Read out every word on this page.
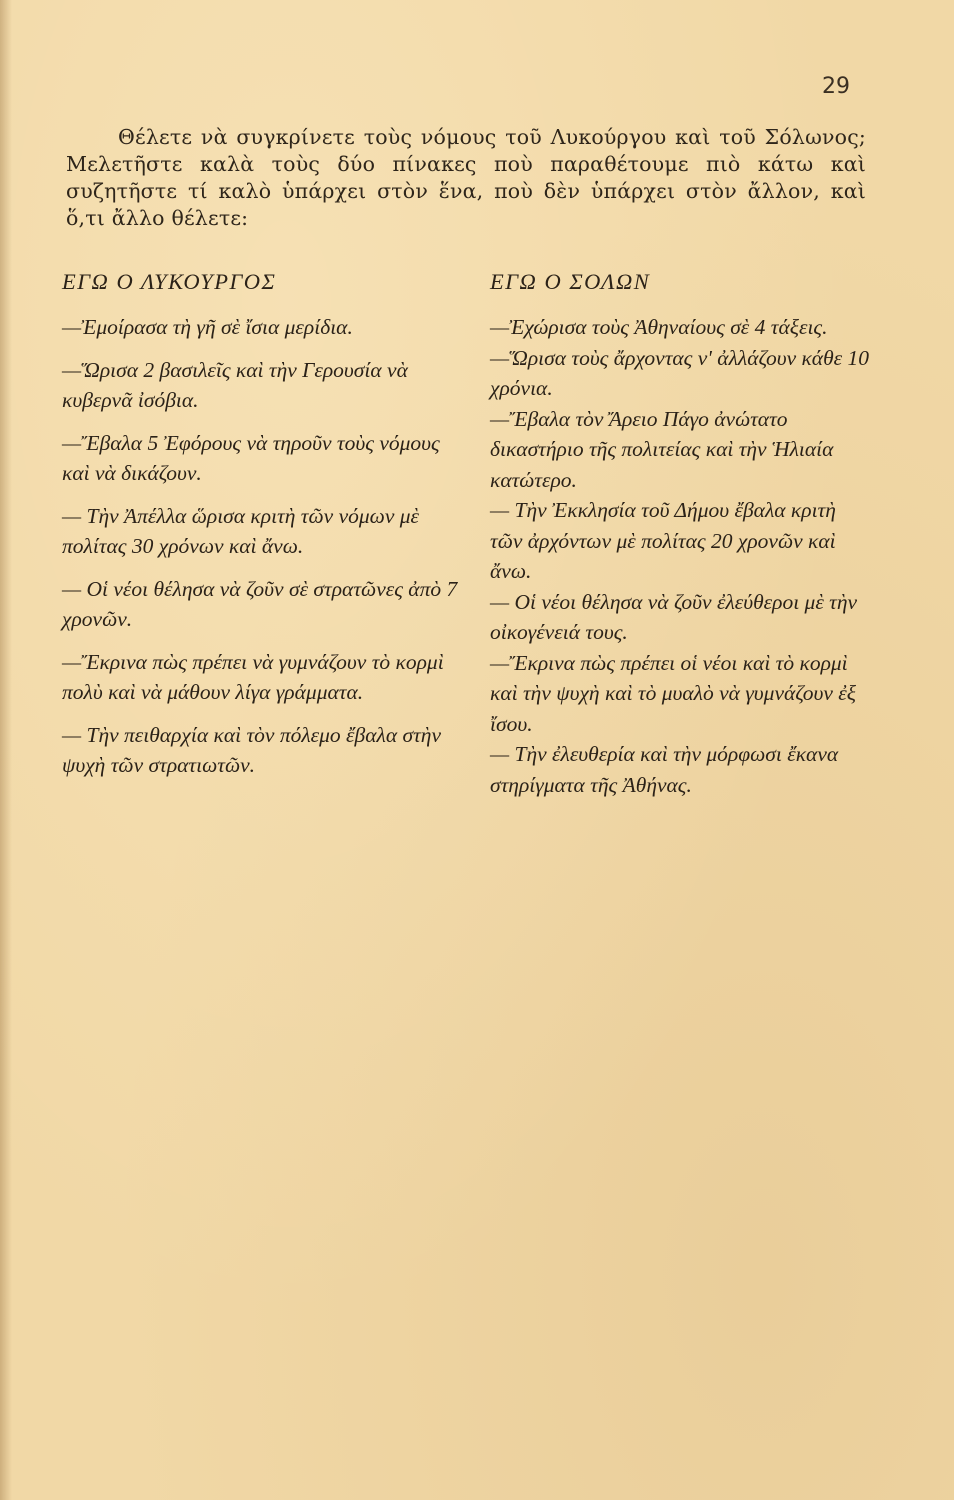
29

Θέλετε νὰ συγκρίνετε τοὺς νόμους τοῦ Λυκούργου καὶ τοῦ Σόλωνος; Μελετῆστε καλὰ τοὺς δύο πίνακες ποὺ παραθέτουμε πιὸ κάτω καὶ συζητῆστε τί καλὸ ὑπάρχει στὸν ἕνα, ποὺ δὲν ὑπάρχει στὸν ἄλλον, καὶ ὅ,τι ἄλλο θέλετε:

ΕΓΩ Ο ΛΥΚΟΥΡΓΟΣ

—Ἐμοίρασα τὴ γῆ σὲ ἴσια μερίδια.

—Ὥρισα 2 βασιλεῖς καὶ τὴν Γερουσία νὰ κυβερνᾶ ἰσόβια.

—Ἔβαλα 5 Ἐφόρους νὰ τηροῦν τοὺς νόμους καὶ νὰ δικάζουν.

— Τὴν Ἀπέλλα ὥρισα κριτὴ τῶν νόμων μὲ πολίτας 30 χρόνων καὶ ἄνω.

— Οἱ νέοι θέλησα νὰ ζοῦν σὲ στρατῶνες ἀπὸ 7 χρονῶν.

—Ἔκρινα πὼς πρέπει νὰ γυμνάζουν τὸ κορμὶ πολὺ καὶ νὰ μάθουν λίγα γράμματα.

— Τὴν πειθαρχία καὶ τὸν πόλεμο ἔβαλα στὴν ψυχὴ τῶν στρατιωτῶν.

ΕΓΩ Ο ΣΟΛΩΝ

—Ἐχώρισα τοὺς Ἀθηναίους σὲ 4 τάξεις.

—Ὥρισα τοὺς ἄρχοντας ν' ἀλλάζουν κάθε 10 χρόνια.

—Ἔβαλα τὸν Ἄρειο Πάγο ἀνώτατο δικαστήριο τῆς πολιτείας καὶ τὴν Ἡλιαία κατώτερο.

— Τὴν Ἐκκλησία τοῦ Δήμου ἔβαλα κριτὴ τῶν ἀρχόντων μὲ πολίτας 20 χρονῶν καὶ ἄνω.

— Οἱ νέοι θέλησα νὰ ζοῦν ἐλεύθεροι μὲ τὴν οἰκογένειά τους.

—Ἔκρινα πὼς πρέπει οἱ νέοι καὶ τὸ κορμὶ καὶ τὴν ψυχὴ καὶ τὸ μυαλὸ νὰ γυμνάζουν ἐξ ἴσου.

— Τὴν ἐλευθερία καὶ τὴν μόρφωσι ἔκανα στηρίγματα τῆς Ἀθήνας.
